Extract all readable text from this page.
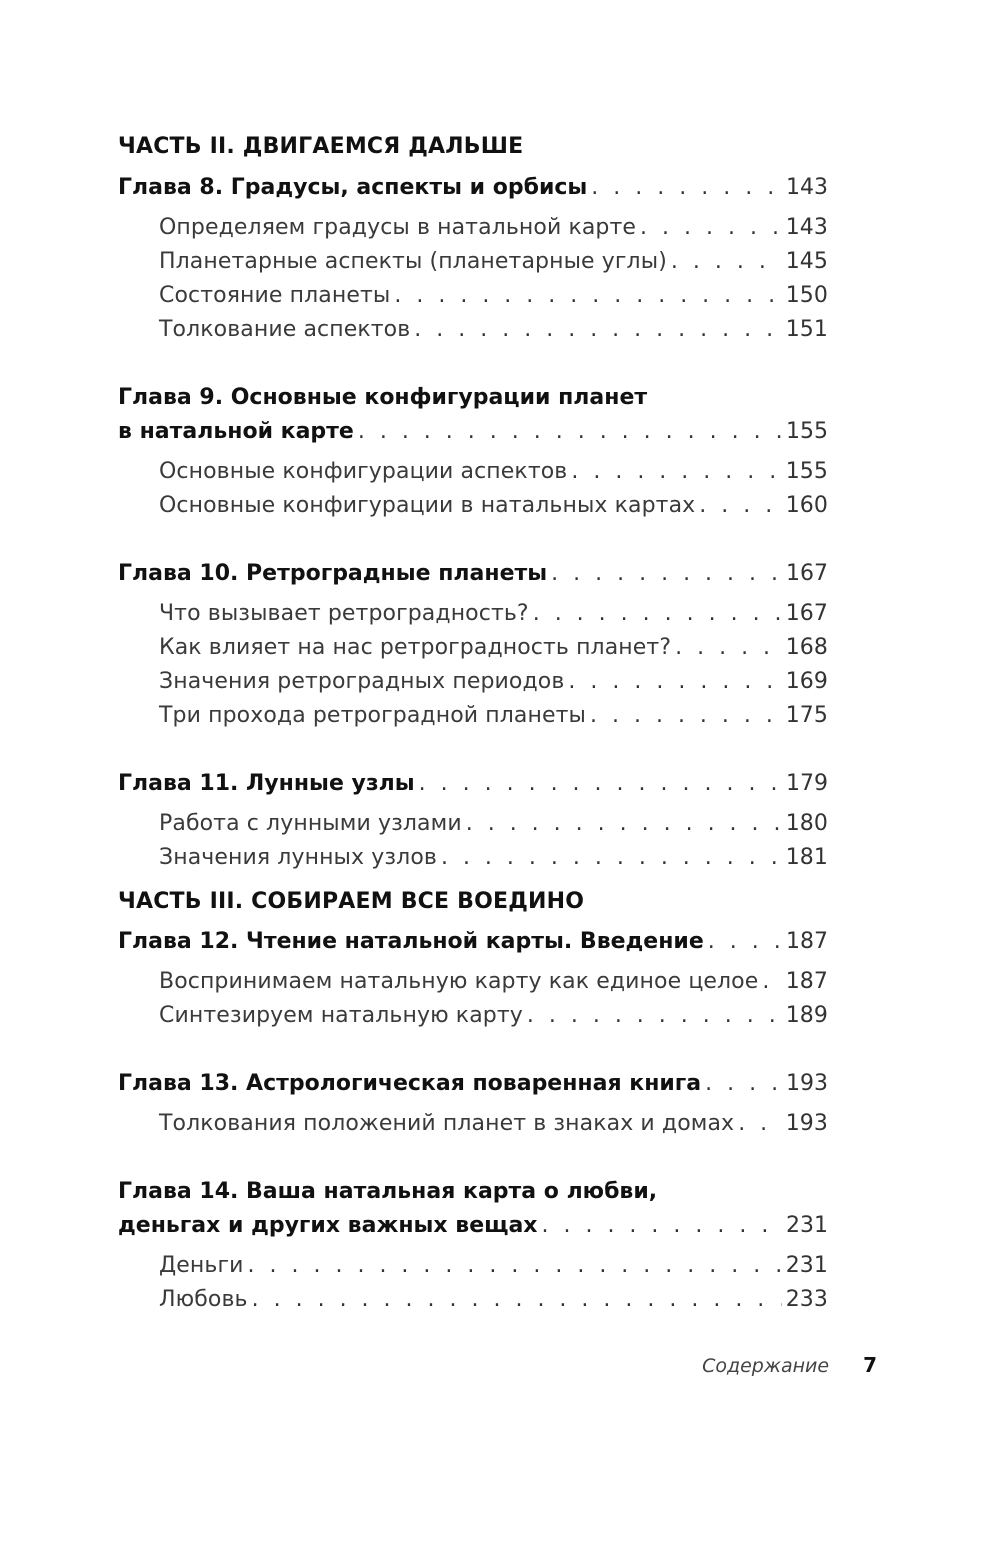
ЧАСТЬ II. ДВИГАЕМСЯ ДАЛЬШЕ
Глава 8. Градусы, аспекты и орбисы . . .	143
Определяем градусы в натальной карте . . .	143
Планетарные аспекты (планетарные углы) . . .	145
Состояние планеты . . .	150
Толкование аспектов . . .	151
Глава 9. Основные конфигурации планет
в натальной карте . . .	155
Основные конфигурации аспектов . . .	155
Основные конфигурации в натальных картах . . .	160
Глава 10. Ретроградные планеты . . .	167
Что вызывает ретроградность? . . .	167
Как влияет на нас ретроградность планет? . . .	168
Значения ретроградных периодов . . .	169
Три прохода ретроградной планеты . . .	175
Глава 11. Лунные узлы . . .	179
Работа с лунными узлами . . .	180
Значения лунных узлов . . .	181
ЧАСТЬ III. СОБИРАЕМ ВСЕ ВОЕДИНО
Глава 12. Чтение натальной карты. Введение . . .	187
Воспринимаем натальную карту как единое целое . . . 187
Синтезируем натальную карту . . .	189
Глава 13. Астрологическая поваренная книга . . .	193
Толкования положений планет в знаках и домах . . . 193
Глава 14. Ваша натальная карта о любви,
деньгах и других важных вещах . . .	231
Деньги . . .	231
Любовь . . .	233
Содержание 7
